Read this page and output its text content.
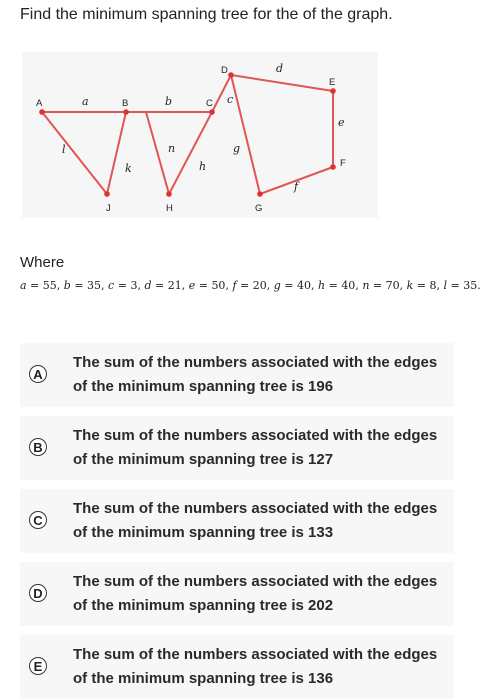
Find the minimum spanning tree for the of the graph.
A	B	C
D
E
F
G
H
J
a	b	c
d
e
f
g
h
n
k
l
Where
a = 55, b = 35, c = 3, d = 21, e = 50, f = 20, g = 40, h = 40, n = 70, k = 8, l = 35.
A
The sum of the numbers associated with the edges of the minimum spanning tree is 196
B
The sum of the numbers associated with the edges of the minimum spanning tree is 127
C
The sum of the numbers associated with the edges of the minimum spanning tree is 133
D
The sum of the numbers associated with the edges of the minimum spanning tree is 202
E
The sum of the numbers associated with the edges of the minimum spanning tree is 136
